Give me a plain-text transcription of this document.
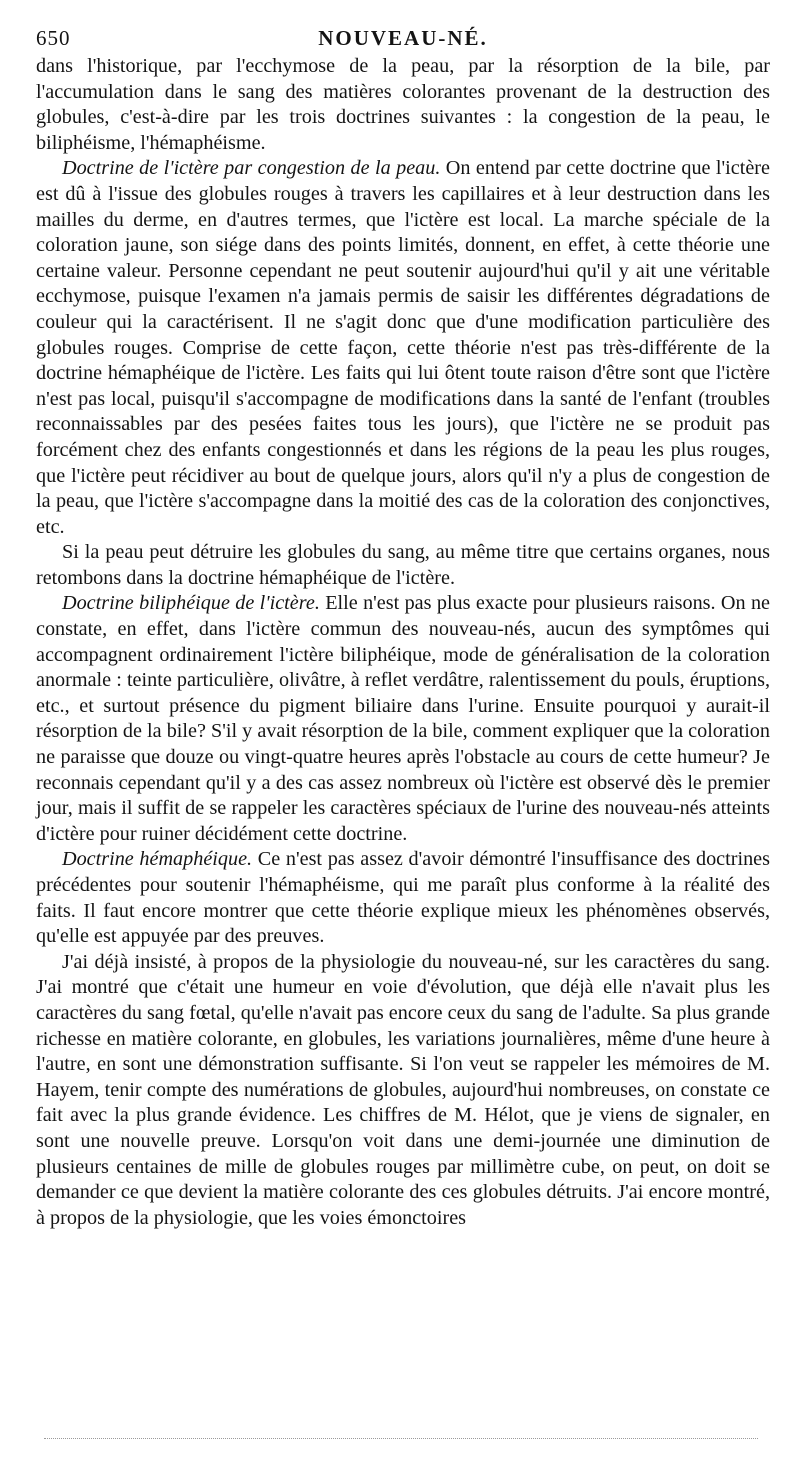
650	NOUVEAU-NÉ.

dans l'historique, par l'ecchymose de la peau, par la résorption de la bile, par l'accumulation dans le sang des matières colorantes provenant de la destruction des globules, c'est-à-dire par les trois doctrines suivantes : la congestion de la peau, le biliphéisme, l'hémaphéisme.

Doctrine de l'ictère par congestion de la peau. On entend par cette doctrine que l'ictère est dû à l'issue des globules rouges à travers les capillaires et à leur destruction dans les mailles du derme, en d'autres termes, que l'ictère est local. La marche spéciale de la coloration jaune, son siége dans des points limités, donnent, en effet, à cette théorie une certaine valeur. Personne cependant ne peut soutenir aujourd'hui qu'il y ait une véritable ecchymose, puisque l'examen n'a jamais permis de saisir les différentes dégradations de couleur qui la caractérisent. Il ne s'agit donc que d'une modification particulière des globules rouges. Comprise de cette façon, cette théorie n'est pas très-différente de la doctrine hémaphéique de l'ictère. Les faits qui lui ôtent toute raison d'être sont que l'ictère n'est pas local, puisqu'il s'accompagne de modifications dans la santé de l'enfant (troubles reconnaissables par des pesées faites tous les jours), que l'ictère ne se produit pas forcément chez des enfants congestionnés et dans les régions de la peau les plus rouges, que l'ictère peut récidiver au bout de quelque jours, alors qu'il n'y a plus de congestion de la peau, que l'ictère s'accompagne dans la moitié des cas de la coloration des conjonctives, etc.

Si la peau peut détruire les globules du sang, au même titre que certains organes, nous retombons dans la doctrine hémaphéique de l'ictère.

Doctrine biliphéique de l'ictère. Elle n'est pas plus exacte pour plusieurs raisons. On ne constate, en effet, dans l'ictère commun des nouveau-nés, aucun des symptômes qui accompagnent ordinairement l'ictère biliphéique, mode de généralisation de la coloration anormale : teinte particulière, olivâtre, à reflet verdâtre, ralentissement du pouls, éruptions, etc., et surtout présence du pigment biliaire dans l'urine. Ensuite pourquoi y aurait-il résorption de la bile? S'il y avait résorption de la bile, comment expliquer que la coloration ne paraisse que douze ou vingt-quatre heures après l'obstacle au cours de cette humeur? Je reconnais cependant qu'il y a des cas assez nombreux où l'ictère est observé dès le premier jour, mais il suffit de se rappeler les caractères spéciaux de l'urine des nouveau-nés atteints d'ictère pour ruiner décidément cette doctrine.

Doctrine hémaphéique. Ce n'est pas assez d'avoir démontré l'insuffisance des doctrines précédentes pour soutenir l'hémaphéisme, qui me paraît plus conforme à la réalité des faits. Il faut encore montrer que cette théorie explique mieux les phénomènes observés, qu'elle est appuyée par des preuves.

J'ai déjà insisté, à propos de la physiologie du nouveau-né, sur les caractères du sang. J'ai montré que c'était une humeur en voie d'évolution, que déjà elle n'avait plus les caractères du sang fœtal, qu'elle n'avait pas encore ceux du sang de l'adulte. Sa plus grande richesse en matière colorante, en globules, les variations journalières, même d'une heure à l'autre, en sont une démonstration suffisante. Si l'on veut se rappeler les mémoires de M. Hayem, tenir compte des numérations de globules, aujourd'hui nombreuses, on constate ce fait avec la plus grande évidence. Les chiffres de M. Hélot, que je viens de signaler, en sont une nouvelle preuve. Lorsqu'on voit dans une demi-journée une diminution de plusieurs centaines de mille de globules rouges par millimètre cube, on peut, on doit se demander ce que devient la matière colorante des ces globules détruits. J'ai encore montré, à propos de la physiologie, que les voies émonctoires
